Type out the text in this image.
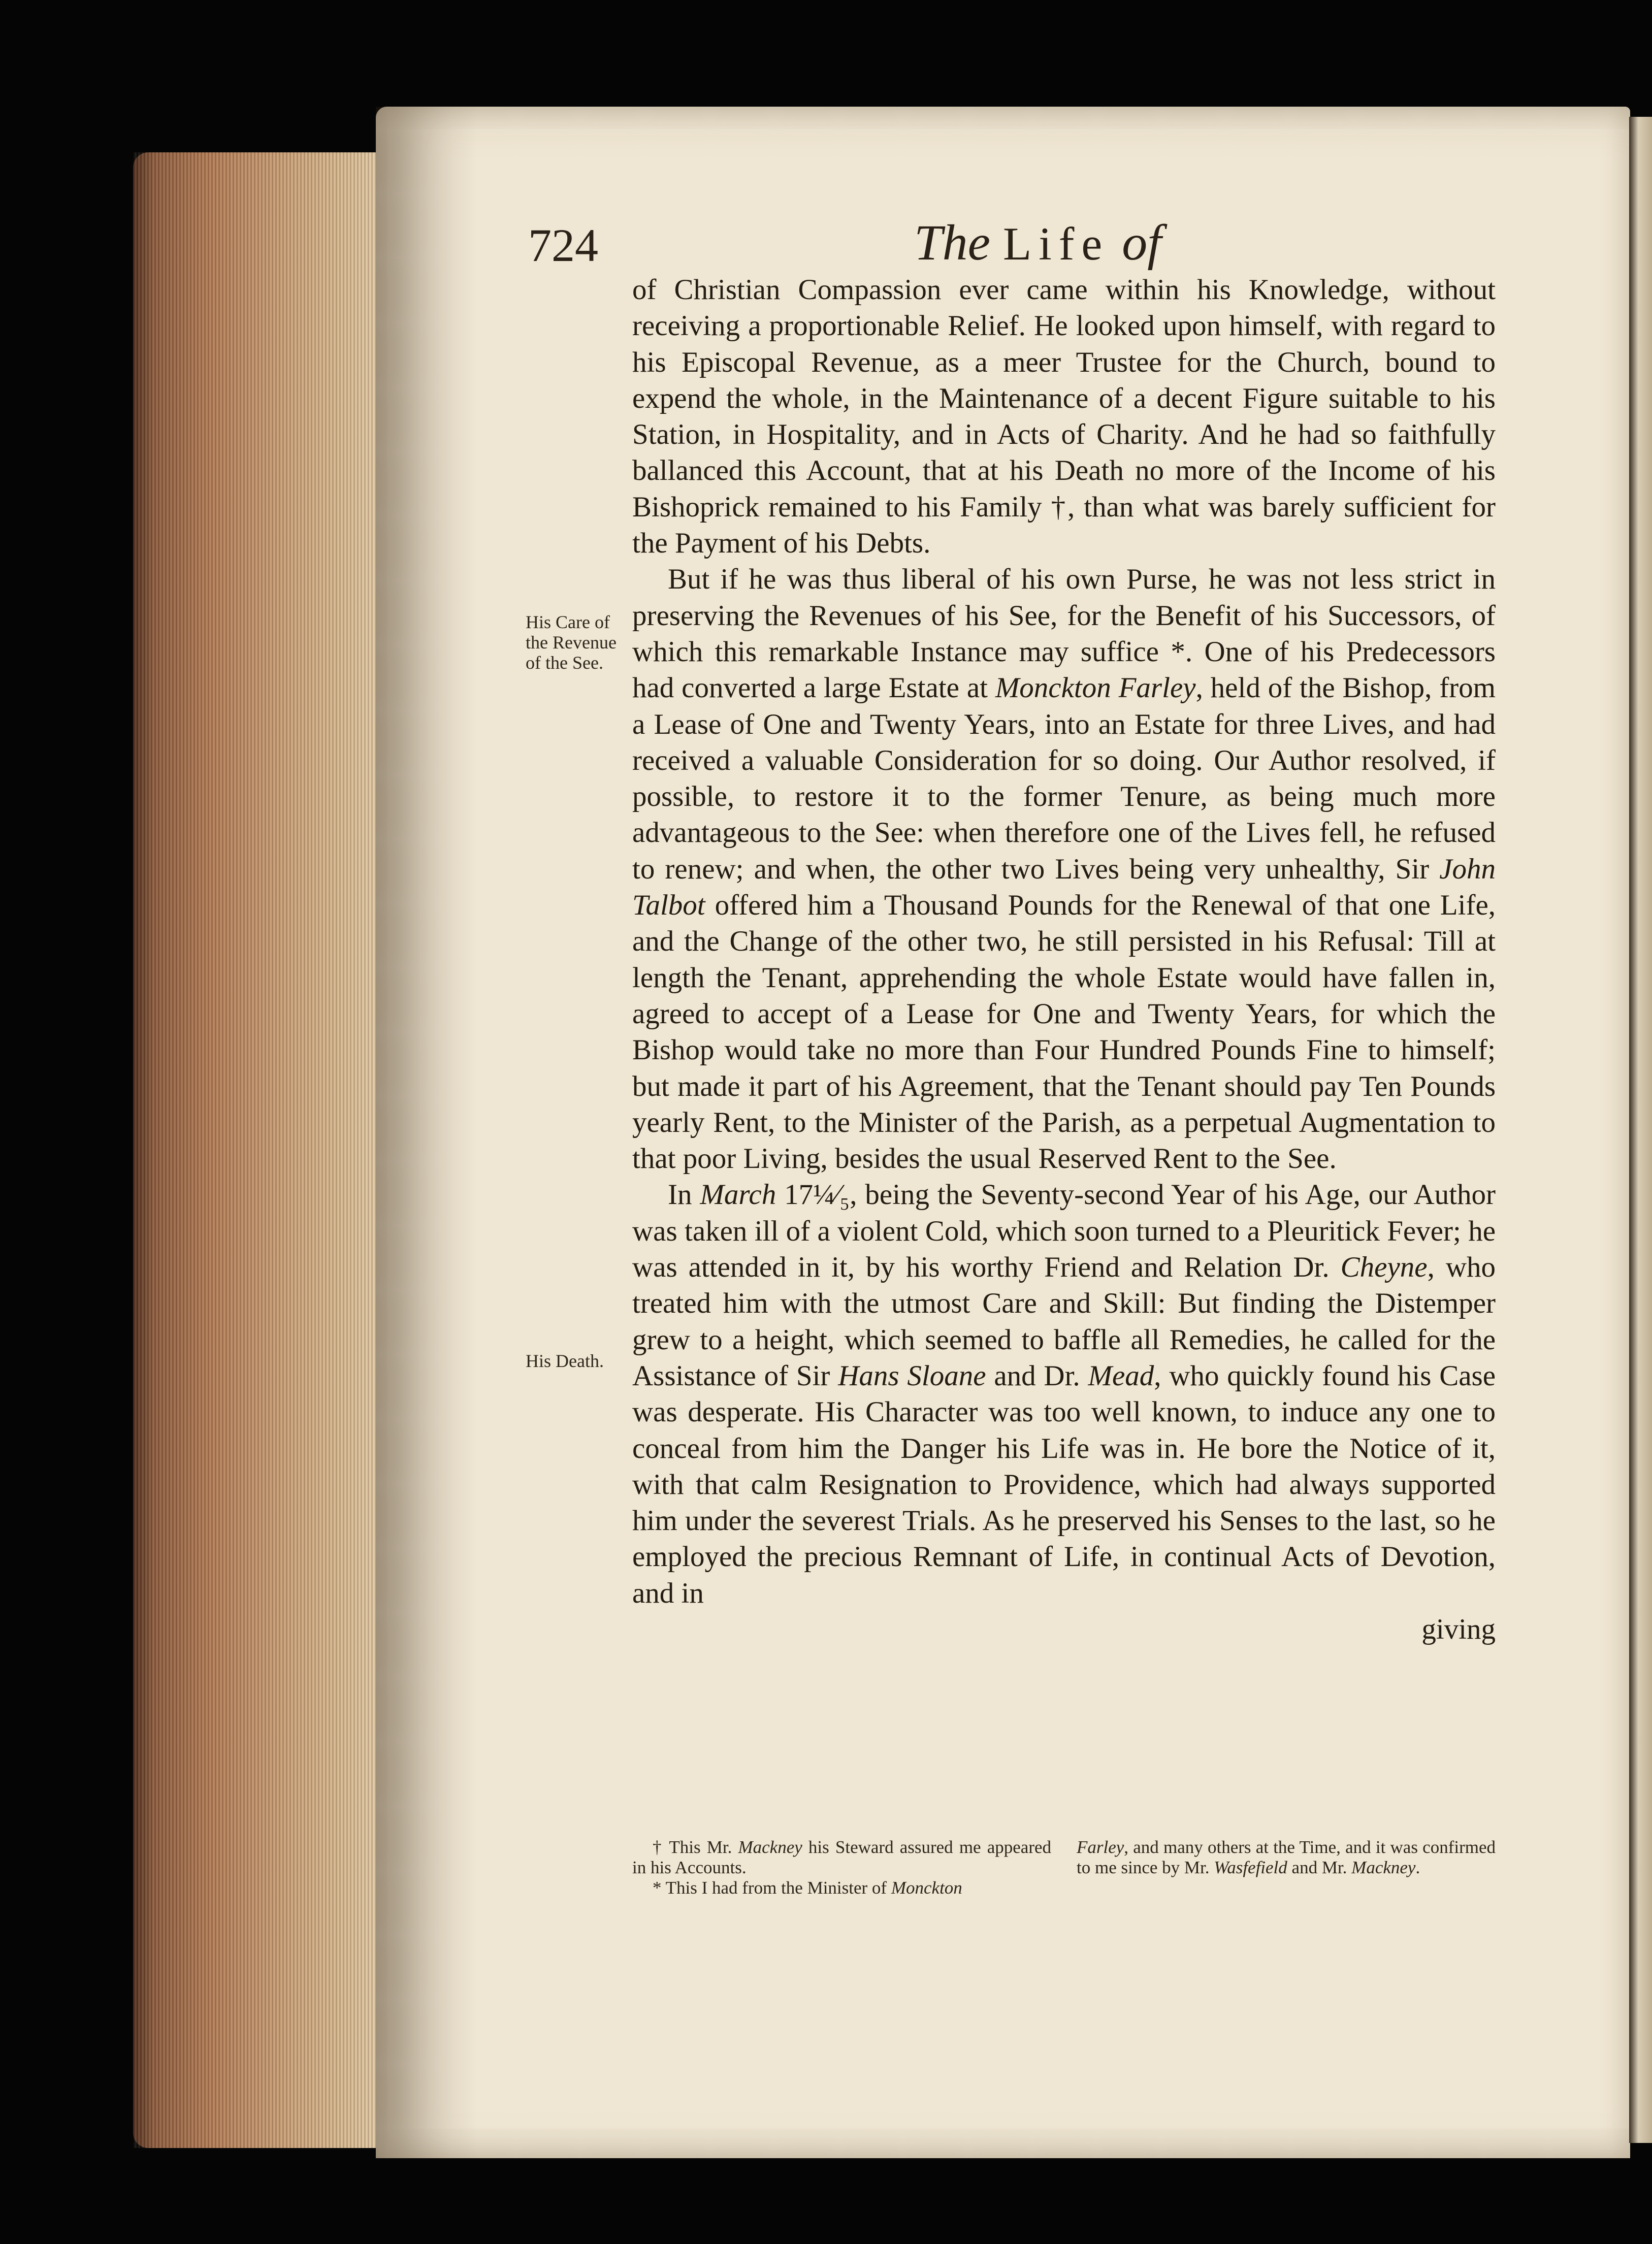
724	The Life of
His Care of the Revenue of the See.
His Death.

of Christian Compassion ever came within his Knowledge, without receiving a proportionable Relief. He looked upon himself, with regard to his Episcopal Revenue, as a meer Trustee for the Church, bound to expend the whole, in the Maintenance of a decent Figure suitable to his Station, in Hospitality, and in Acts of Charity. And he had so faithfully ballanced this Account, that at his Death no more of the Income of his Bishoprick remained to his Family †, than what was barely sufficient for the Payment of his Debts.

But if he was thus liberal of his own Purse, he was not less strict in preserving the Revenues of his See, for the Benefit of his Successors, of which this remarkable Instance may suffice *. One of his Predecessors had converted a large Estate at Monckton Farley, held of the Bishop, from a Lease of One and Twenty Years, into an Estate for three Lives, and had received a valuable Consideration for so doing. Our Author resolved, if possible, to restore it to the former Tenure, as being much more advantageous to the See: when therefore one of the Lives fell, he refused to renew; and when, the other two Lives being very unhealthy, Sir John Talbot offered him a Thousand Pounds for the Renewal of that one Life, and the Change of the other two, he still persisted in his Refusal: Till at length the Tenant, apprehending the whole Estate would have fallen in, agreed to accept of a Lease for One and Twenty Years, for which the Bishop would take no more than Four Hundred Pounds Fine to himself; but made it part of his Agreement, that the Tenant should pay Ten Pounds yearly Rent, to the Minister of the Parish, as a perpetual Augmentation to that poor Living, besides the usual Reserved Rent to the See.

In March 17¼⁄₅, being the Seventy-second Year of his Age, our Author was taken ill of a violent Cold, which soon turned to a Pleuritick Fever; he was attended in it, by his worthy Friend and Relation Dr. Cheyne, who treated him with the utmost Care and Skill: But finding the Distemper grew to a height, which seemed to baffle all Remedies, he called for the Assistance of Sir Hans Sloane and Dr. Mead, who quickly found his Case was desperate. His Character was too well known, to induce any one to conceal from him the Danger his Life was in. He bore the Notice of it, with that calm Resignation to Providence, which had always supported him under the severest Trials. As he preserved his Senses to the last, so he employed the precious Remnant of Life, in continual Acts of Devotion, and in

giving

† This Mr. Mackney his Steward assured me appeared in his Accounts.

* This I had from the Minister of Monckton

Farley, and many others at the Time, and it was confirmed to me since by Mr. Wasfefield and Mr. Mackney.
